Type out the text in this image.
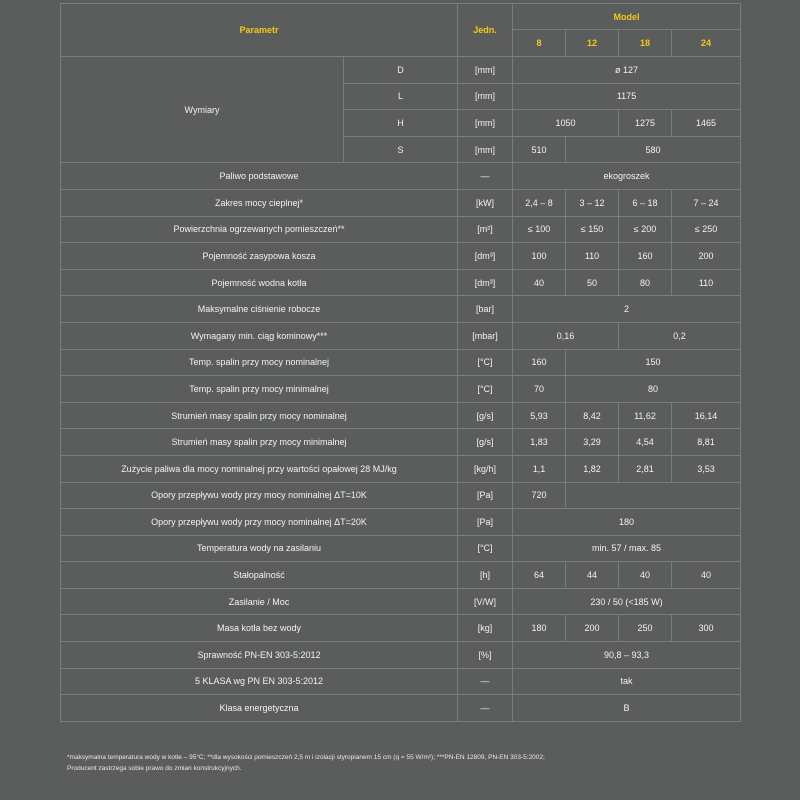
Parametr		Jedn.	Model			
			8	12	18	24
Wymiary	D	[mm]	ø 127			
	L	[mm]	1175			
	H	[mm]	1050		1275	1465
	S	[mm]	510	580		
Paliwo podstawowe		—	ekogroszek			
Zakres mocy cieplnej*		[kW]	2,4 – 8	3 – 12	6 – 18	7 – 24
Powierzchnia ogrzewanych pomieszczeń**		[m²]	≤ 100	≤ 150	≤ 200	≤ 250
Pojemność zasypowa kosza		[dm³]	100	110	160	200
Pojemność wodna kotła		[dm³]	40	50	80	110
Maksymalne ciśnienie robocze		[bar]	2			
Wymagany min. ciąg kominowy***		[mbar]	0,16		0,2	
Temp. spalin przy mocy nominalnej		[°C]	160	150		
Temp. spalin przy mocy minimalnej		[°C]	70	80		
Strumień masy spalin przy mocy nominalnej		[g/s]	5,93	8,42	11,62	16,14
Strumień masy spalin przy mocy minimalnej		[g/s]	1,83	3,29	4,54	8,81
Zużycie paliwa dla mocy nominalnej przy wartości opałowej 28 MJ/kg		[kg/h]	1,1	1,82	2,81	3,53
Opory przepływu wody przy mocy nominalnej ΔT=10K		[Pa]	720			
Opory przepływu wody przy mocy nominalnej ΔT=20K		[Pa]	180			
Temperatura wody na zasilaniu		[°C]	min. 57 / max. 85			
Stałopalność		[h]	64	44	40	40
Zasilanie / Moc		[V/W]	230 / 50 (<185 W)			
Masa kotła bez wody		[kg]	180	200	250	300
Sprawność PN-EN 303-5:2012		[%]	90,8 – 93,3			
5 KLASA wg PN EN 303-5:2012		—	tak			
Klasa energetyczna		—	B			
*maksymalna temperatura wody w kotle – 95°C; **dla wysokości pomieszczeń 2,5 m i izolacji styropianem 15 cm (q = 55 W/m²); ***PN-EN 12809, PN-EN 303-5:2002;
Producent zastrzega sobie prawo do zmian konstrukcyjnych.
